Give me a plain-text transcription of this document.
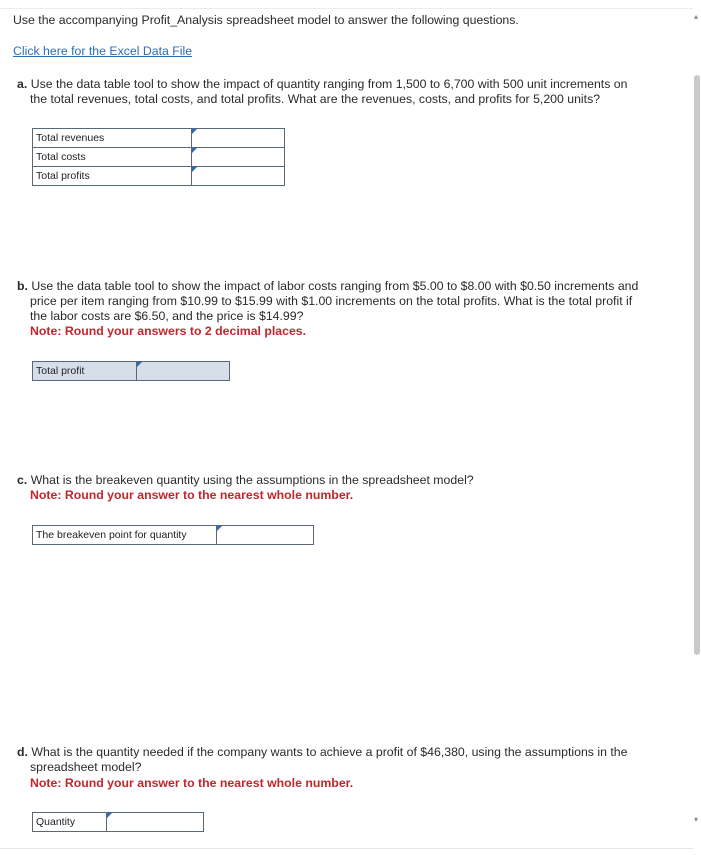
Use the accompanying Profit_Analysis spreadsheet model to answer the following questions.
Click here for the Excel Data File
a. Use the data table tool to show the impact of quantity ranging from 1,500 to 6,700 with 500 unit increments on
the total revenues, total costs, and total profits. What are the revenues, costs, and profits for 5,200 units?
Total revenues	

Total costs	

Total profits	
b. Use the data table tool to show the impact of labor costs ranging from $5.00 to $8.00 with $0.50 increments and
price per item ranging from $10.99 to $15.99 with $1.00 increments on the total profits. What is the total profit if
the labor costs are $6.50, and the price is $14.99?
Note: Round your answers to 2 decimal places.
Total profit	
c. What is the breakeven quantity using the assumptions in the spreadsheet model?
Note: Round your answer to the nearest whole number.
The breakeven point for quantity	
d. What is the quantity needed if the company wants to achieve a profit of $46,380, using the assumptions in the
spreadsheet model?
Note: Round your answer to the nearest whole number.
Quantity	
▴
▾
